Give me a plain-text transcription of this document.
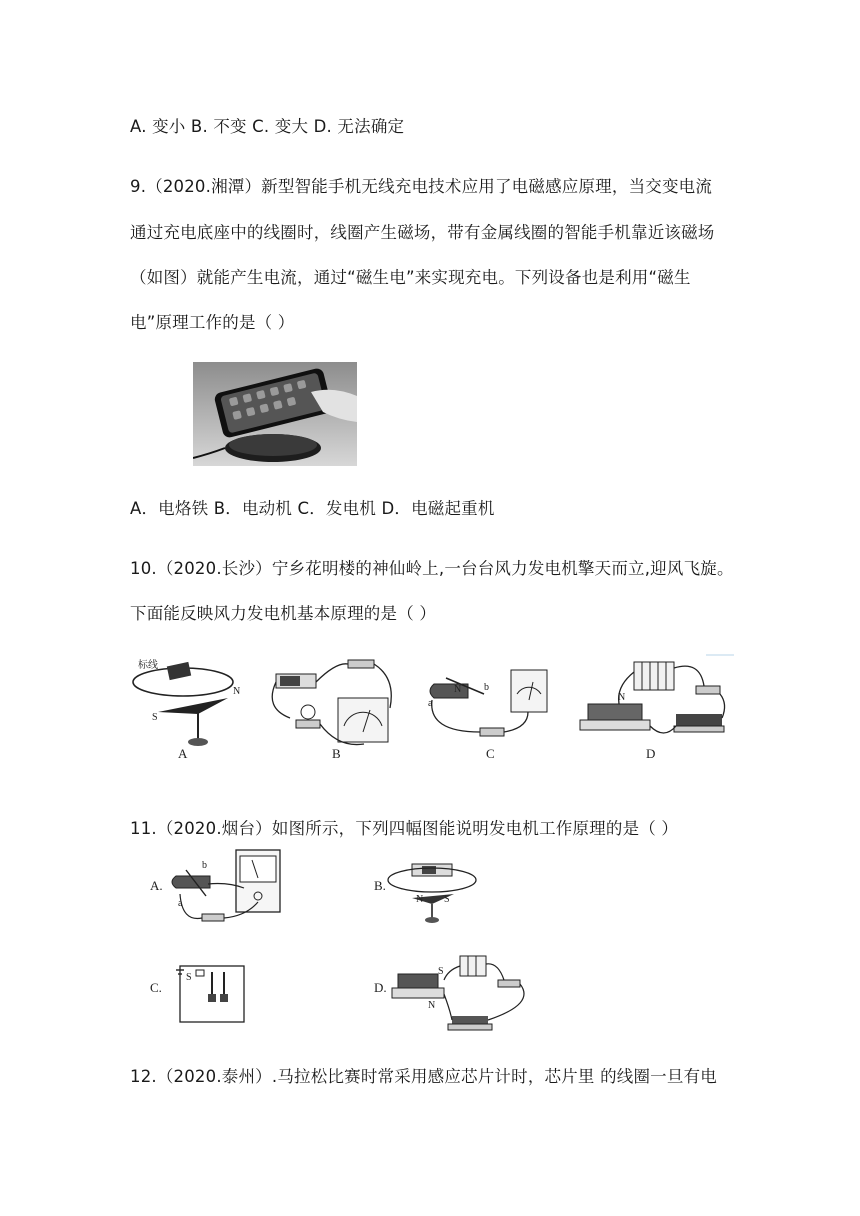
A. 变小 B. 不变 C. 变大 D. 无法确定
9.（2020.湘潭）新型智能手机无线充电技术应用了电磁感应原理，当交变电流
通过充电底座中的线圈时，线圈产生磁场，带有金属线圈的智能手机靠近该磁场
（如图）就能产生电流，通过“磁生电”来实现充电。下列设备也是利用“磁生
电”原理工作的是（ ）
A．电烙铁 B．电动机 C．发电机 D．电磁起重机
10.（2020.长沙）宁乡花明楼的神仙岭上,一台台风力发电机擎天而立,迎风飞旋。
下面能反映风力发电机基本原理的是（ ）
标线
N
S
A	B
N
a
b
C
N
D
11.（2020.烟台）如图所示，下列四幅图能说明发电机工作原理的是（ ）
A.
b
a
B.
N S
C.
S
D.
S
N
12.（2020.泰州）.马拉松比赛时常采用感应芯片计时，芯片里 的线圈一旦有电
